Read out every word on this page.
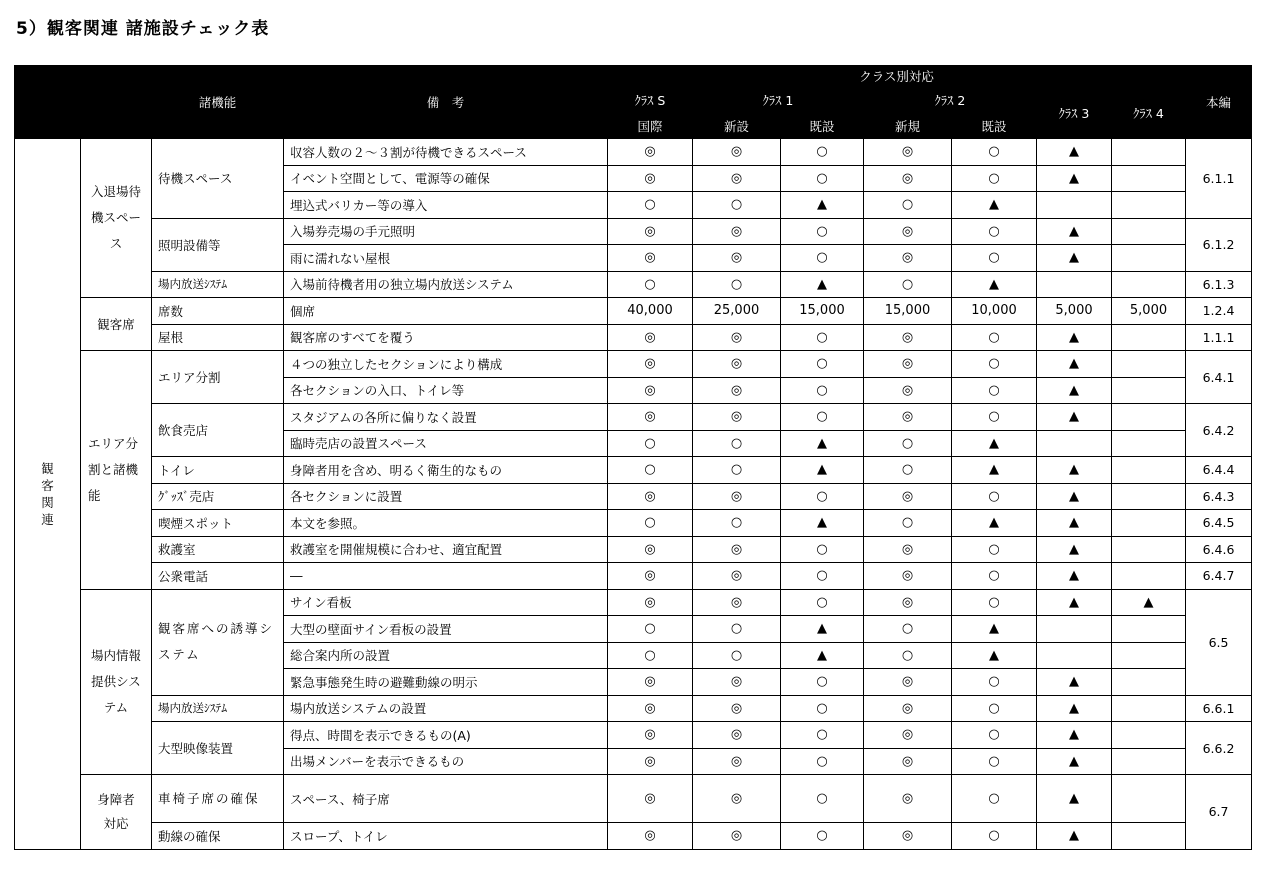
5）観客関連 諸施設チェック表
		諸機能	備　考	クラス別対応							本編
				ｸﾗｽ S	ｸﾗｽ 1		ｸﾗｽ 2		ｸﾗｽ 3	ｸﾗｽ 4	
				国際	新設	既設	新規	既設			
観客関連	入退場待機スペース	待機スペース	収容人数の２～３割が待機できるスペース	◎	◎	○	◎	○	▲		6.1.1
			イベント空間として、電源等の確保	◎	◎	○	◎	○	▲		
			埋込式バリカー等の導入	○	○	▲	○	▲			
		照明設備等	入場券売場の手元照明	◎	◎	○	◎	○	▲		6.1.2
			雨に濡れない屋根	◎	◎	○	◎	○	▲		
		場内放送ｼｽﾃﾑ	入場前待機者用の独立場内放送システム	○	○	▲	○	▲			6.1.3
	観客席	席数	個席	40,000	25,000	15,000	15,000	10,000	5,000	5,000	1.2.4
		屋根	観客席のすべてを覆う	◎	◎	○	◎	○	▲		1.1.1
	エリア分割と諸機能	エリア分割	４つの独立したセクションにより構成	◎	◎	○	◎	○	▲		6.4.1
			各セクションの入口、トイレ等	◎	◎	○	◎	○	▲		
		飲食売店	スタジアムの各所に偏りなく設置	◎	◎	○	◎	○	▲		6.4.2
			臨時売店の設置スペース	○	○	▲	○	▲			
		トイレ	身障者用を含め、明るく衛生的なもの	○	○	▲	○	▲	▲		6.4.4
		ｸﾞｯｽﾞ売店	各セクションに設置	◎	◎	○	◎	○	▲		6.4.3
		喫煙スポット	本文を参照。	○	○	▲	○	▲	▲		6.4.5
		救護室	救護室を開催規模に合わせ、適宜配置	◎	◎	○	◎	○	▲		6.4.6
		公衆電話	―	◎	◎	○	◎	○	▲		6.4.7
	場内情報提供システム	観客席への誘導システム	サイン看板	◎	◎	○	◎	○	▲	▲	6.5
			大型の壁面サイン看板の設置	○	○	▲	○	▲			
			総合案内所の設置	○	○	▲	○	▲			
			緊急事態発生時の避難動線の明示	◎	◎	○	◎	○	▲		
		場内放送ｼｽﾃﾑ	場内放送システムの設置	◎	◎	○	◎	○	▲		6.6.1
		大型映像装置	得点、時間を表示できるもの(A)	◎	◎	○	◎	○	▲		6.6.2
			出場メンバーを表示できるもの	◎	◎	○	◎	○	▲		
	身障者対応	車椅子席の確保	スペース、椅子席	◎	◎	○	◎	○	▲		6.7
		動線の確保	スロープ、トイレ	◎	◎	○	◎	○	▲		
